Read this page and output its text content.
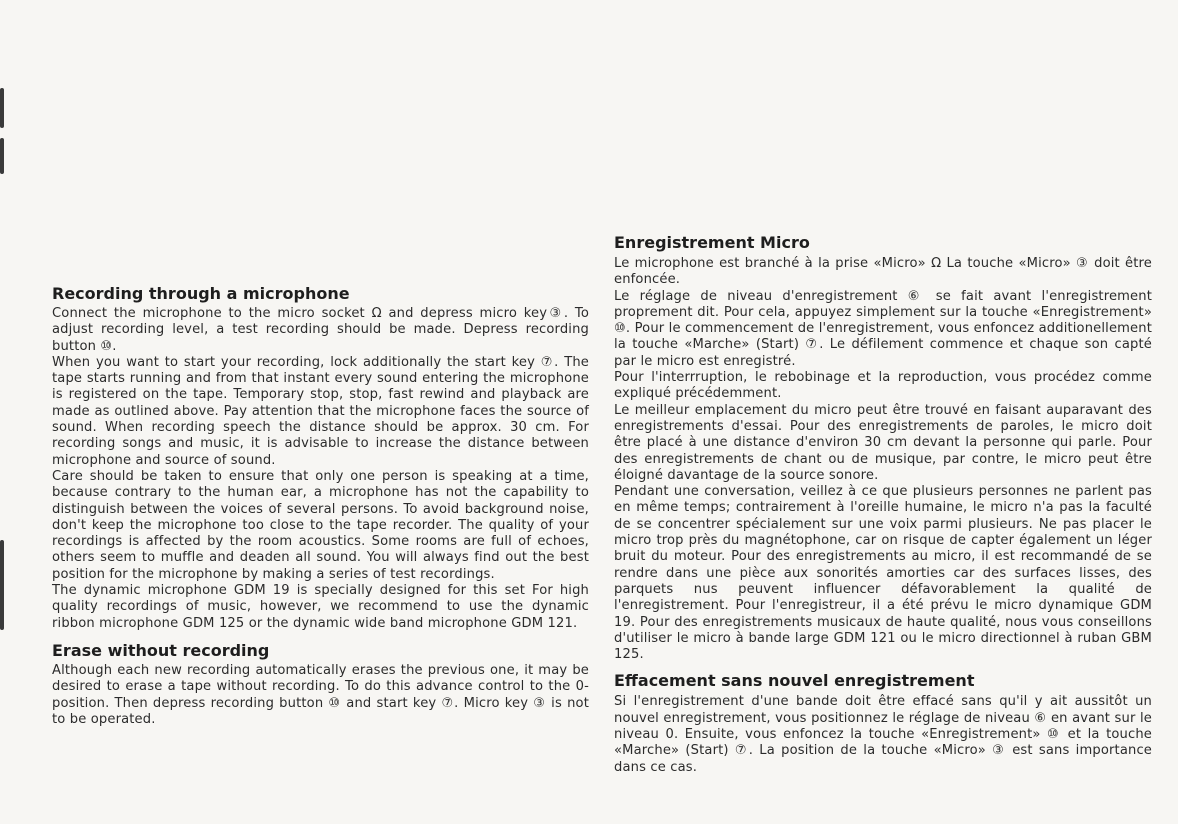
Recording through a microphone

Connect the microphone to the micro socket Ω and depress micro key③. To adjust recording level, a test recording should be made. Depress recording button ⑩.

When you want to start your recording, lock additionally the start key ⑦. The tape starts running and from that instant every sound entering the microphone is registered on the tape. Temporary stop, stop, fast rewind and playback are made as outlined above. Pay attention that the microphone faces the source of sound. When recording speech the distance should be approx. 30 cm. For recording songs and music, it is advisable to increase the distance between microphone and source of sound.

Care should be taken to ensure that only one person is speaking at a time, because contrary to the human ear, a microphone has not the capability to distinguish between the voices of several persons. To avoid background noise, don't keep the microphone too close to the tape recorder. The quality of your recordings is affected by the room acoustics. Some rooms are full of echoes, others seem to muffle and deaden all sound. You will always find out the best position for the microphone by making a series of test recordings.

The dynamic microphone GDM 19 is specially designed for this set For high quality recordings of music, however, we recommend to use the dynamic ribbon microphone GDM 125 or the dynamic wide band microphone GDM 121.

Erase without recording

Although each new recording automatically erases the previous one, it may be desired to erase a tape without recording. To do this advance control to the 0-position. Then depress recording button ⑩ and start key ⑦. Micro key ③ is not to be operated.

Enregistrement Micro

Le microphone est branché à la prise «Micro» Ω La touche «Micro» ③ doit être enfoncée.

Le réglage de niveau d'enregistrement ⑥ se fait avant l'enregistrement proprement dit. Pour cela, appuyez simplement sur la touche «Enregistrement» ⑩. Pour le commencement de l'enregistrement, vous enfoncez additionellement la touche «Marche» (Start) ⑦. Le défilement commence et chaque son capté par le micro est enregistré.

Pour l'interrruption, le rebobinage et la reproduction, vous procédez comme expliqué précédemment.

Le meilleur emplacement du micro peut être trouvé en faisant auparavant des enregistrements d'essai. Pour des enregistrements de paroles, le micro doit être placé à une distance d'environ 30 cm devant la personne qui parle. Pour des enregistrements de chant ou de musique, par contre, le micro peut être éloigné davantage de la source sonore.

Pendant une conversation, veillez à ce que plusieurs personnes ne parlent pas en même temps; contrairement à l'oreille humaine, le micro n'a pas la faculté de se concentrer spécialement sur une voix parmi plusieurs. Ne pas placer le micro trop près du magnétophone, car on risque de capter également un léger bruit du moteur. Pour des enregistrements au micro, il est recommandé de se rendre dans une pièce aux sonorités amorties car des surfaces lisses, des parquets nus peuvent influencer défavorablement la qualité de l'enregistrement. Pour l'enregistreur, il a été prévu le micro dynamique GDM 19. Pour des enregistrements musicaux de haute qualité, nous vous conseillons d'utiliser le micro à bande large GDM 121 ou le micro directionnel à ruban GBM 125.

Effacement sans nouvel enregistrement

Si l'enregistrement d'une bande doit être effacé sans qu'il y ait aussitôt un nouvel enregistrement, vous positionnez le réglage de niveau ⑥ en avant sur le niveau 0. Ensuite, vous enfoncez la touche «Enregistrement» ⑩ et la touche «Marche» (Start) ⑦. La position de la touche «Micro» ③ est sans importance dans ce cas.
